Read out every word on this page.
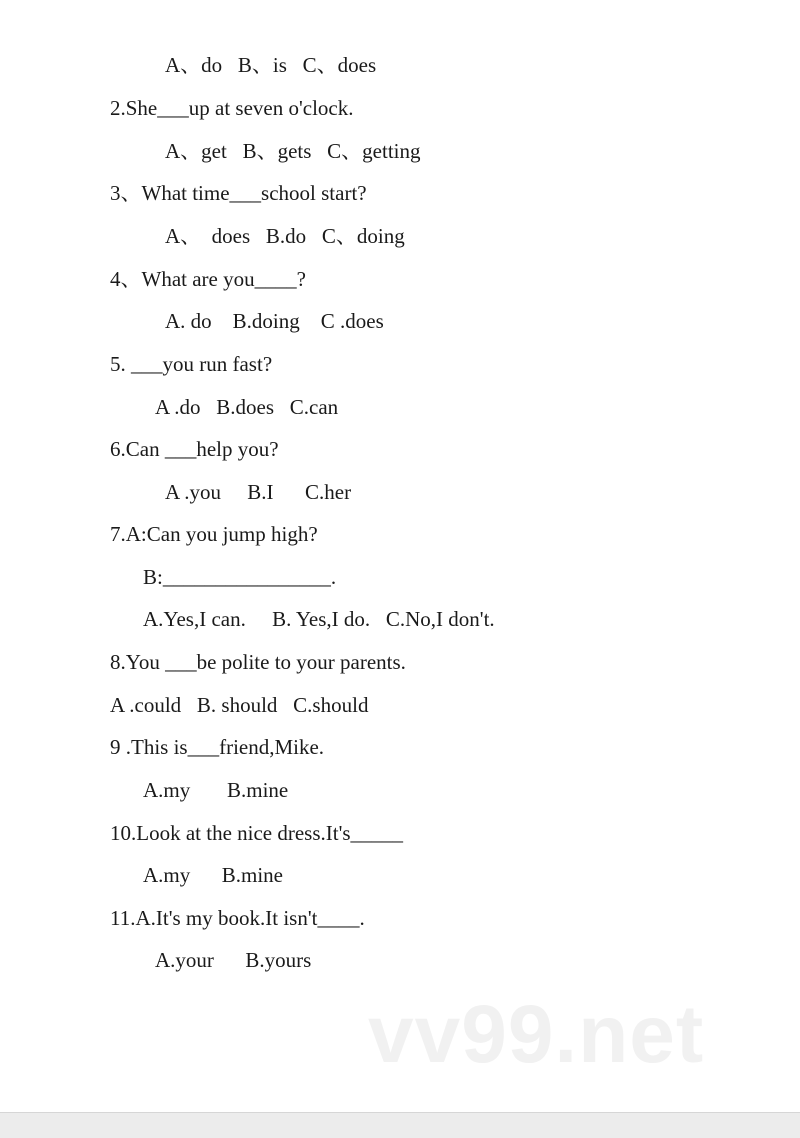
A、do   B、is   C、does
2.She___up at seven o'clock.
A、get   B、gets   C、getting
3、What time___school start?
A、  does   B.do   C、doing
4、What are you____?
A. do    B.doing    C .does
5. ___you run fast?
A .do   B.does   C.can
6.Can ___help you?
A .you     B.I      C.her
7.A:Can you jump high?
B:________________.
A.Yes,I can.     B. Yes,I do.   C.No,I don't.
8.You ___be polite to your parents.
A .could   B. should   C.should
9 .This is___friend,Mike.
A.my       B.mine
10.Look at the nice dress.It's_____
A.my      B.mine
11.A.It's my book.It isn't____.
A.your      B.yours
vv99.net
